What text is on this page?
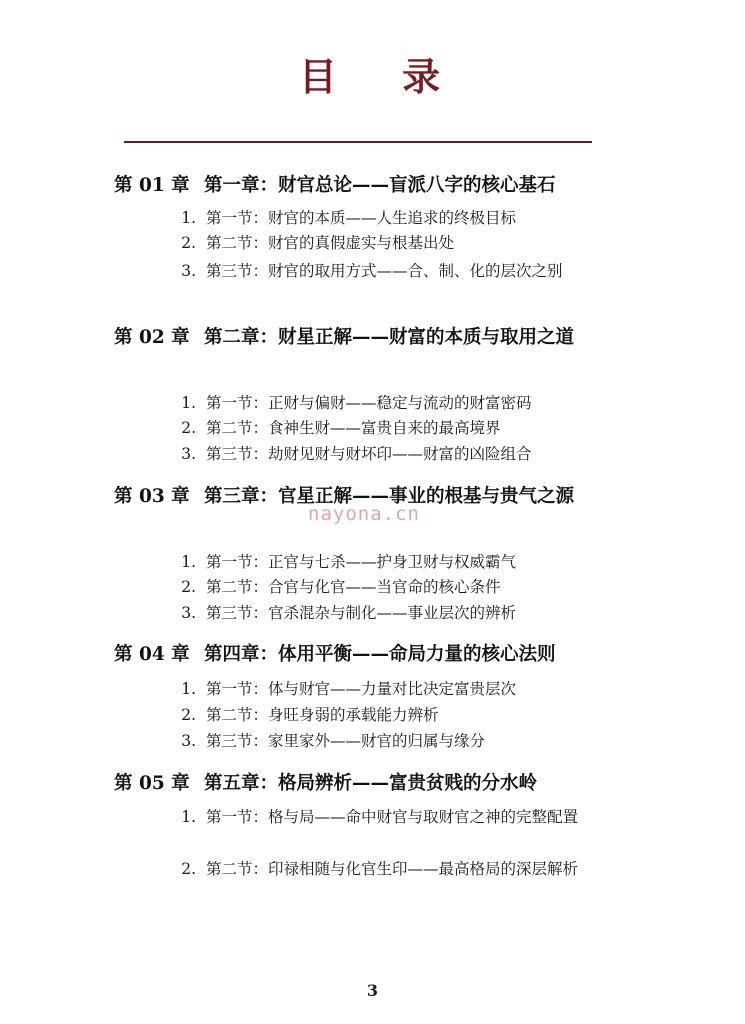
目 录
第 01 章 第一章：财官总论——盲派八字的核心基石
1. 第一节：财官的本质——人生追求的终极目标
2. 第二节：财官的真假虚实与根基出处
3. 第三节：财官的取用方式——合、制、化的层次之别
第 02 章 第二章：财星正解——财富的本质与取用之道
1. 第一节：正财与偏财——稳定与流动的财富密码
2. 第二节：食神生财——富贵自来的最高境界
3. 第三节：劫财见财与财坏印——财富的凶险组合
第 03 章 第三章：官星正解——事业的根基与贵气之源
1. 第一节：正官与七杀——护身卫财与权威霸气
2. 第二节：合官与化官——当官命的核心条件
3. 第三节：官杀混杂与制化——事业层次的辨析
第 04 章 第四章：体用平衡——命局力量的核心法则
1. 第一节：体与财官——力量对比决定富贵层次
2. 第二节：身旺身弱的承载能力辨析
3. 第三节：家里家外——财官的归属与缘分
第 05 章 第五章：格局辨析——富贵贫贱的分水岭
1. 第一节：格与局——命中财官与取财官之神的完整配置
2. 第二节：印禄相随与化官生印——最高格局的深层解析
nayona.cn
3
